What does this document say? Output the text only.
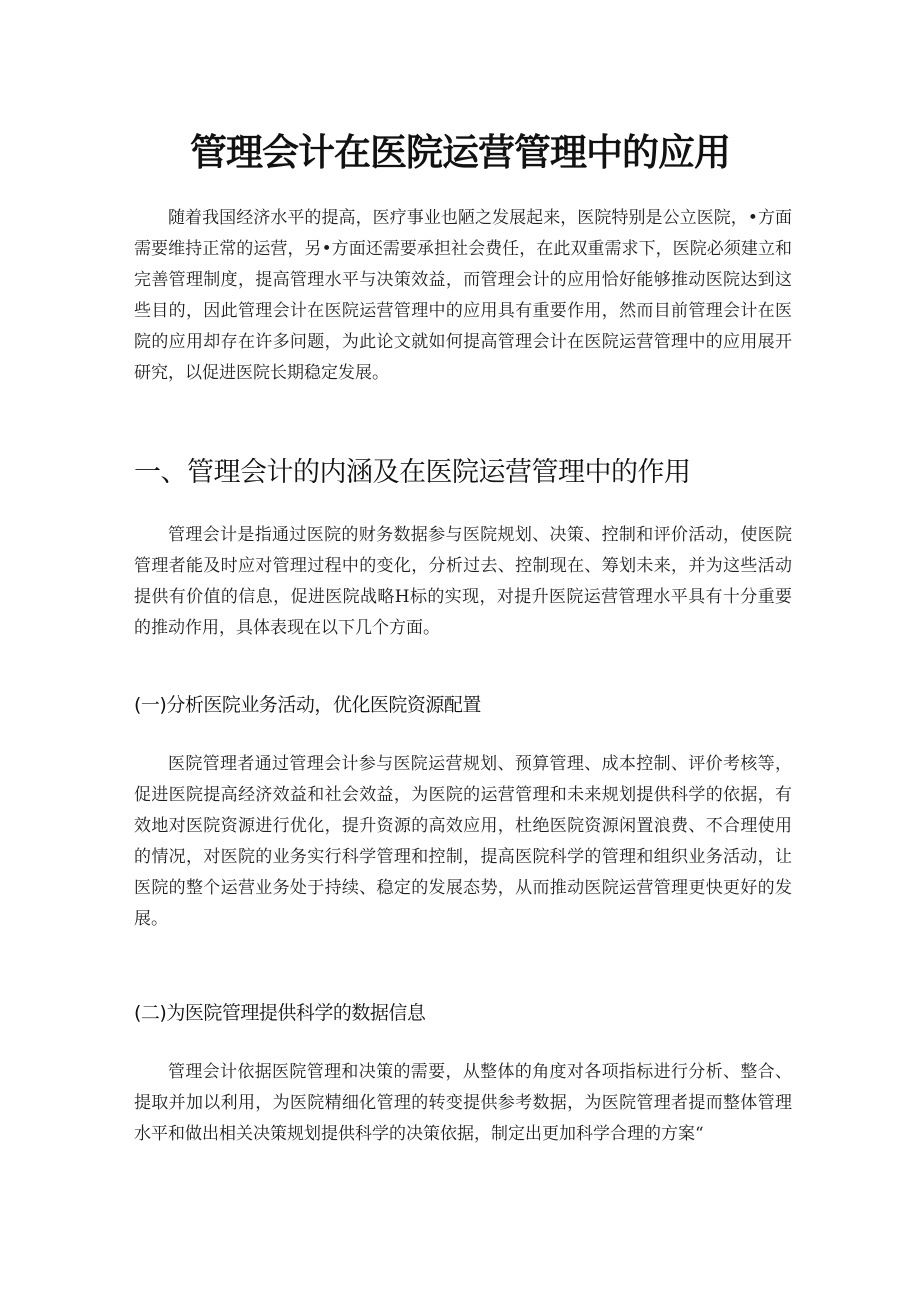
管理会计在医院运营管理中的应用

随着我国经济水平的提高，医疗事业也陋之发展起来，医院特别是公立医院，•方面需要维持正常的运营，另•方面还需要承担社会费任，在此双重需求下，医院必须建立和完善管理制度，提高管理水平与决策效益，而管理会计的应用恰好能够推动医院达到这些目的，因此管理会计在医院运营管理中的应用具有重要作用，然而目前管理会计在医院的应用却存在许多问题，为此论文就如何提高管理会计在医院运营管理中的应用展开研究，以促进医院长期稳定发展。

一、管理会计的内涵及在医院运营管理中的作用

管理会计是指通过医院的财务数据参与医院规划、决策、控制和评价活动，使医院管理者能及时应对管理过程中的变化，分析过去、控制现在、筹划未来，并为这些活动提供有价值的信息，促进医院战略H标的实现，对提升医院运营管理水平具有十分重要的推动作用，具体表现在以下几个方面。

(一)分析医院业务活动，优化医院资源配置

医院管理者通过管理会计参与医院运营规划、预算管理、成本控制、评价考核等，促进医院提高经济效益和社会效益，为医院的运营管理和未来规划提供科学的依据，有效地对医院资源进行优化，提升资源的高效应用，杜绝医院资源闲置浪费、不合理使用的情况，对医院的业务实行科学管理和控制，提高医院科学的管理和组织业务活动，让医院的整个运营业务处于持续、稳定的发展态势，从而推动医院运营管理更快更好的发展。

(二)为医院管理提供科学的数据信息

管理会计依据医院管理和决策的需要，从整体的角度对各项指标进行分析、整合、提取并加以利用，为医院精细化管理的转变提供参考数据，为医院管理者提而整体管理水平和做出相关决策规划提供科学的决策依据，制定出更加科学合理的方案“
